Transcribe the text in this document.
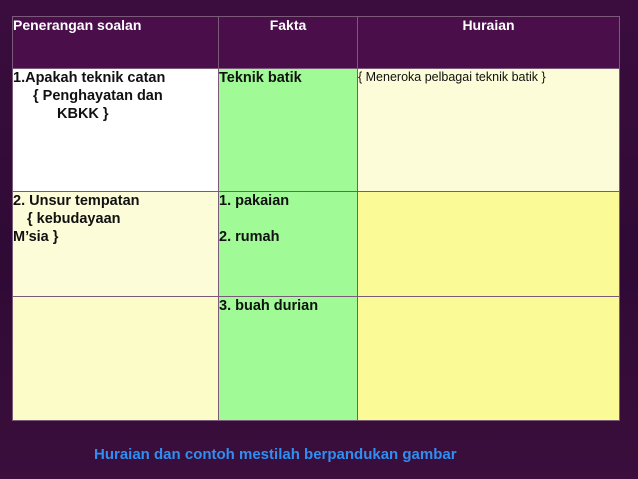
Penerangan soalan	Fakta	Huraian

1.Apakah teknik catan
{ Penghayatan dan
KBKK }	Teknik batik	{ Meneroka pelbagai teknik batik }

2. Unsur tempatan
{ kebudayaan
M’sia }	1. pakaian
2. rumah	

	3. buah durian	

Huraian dan contoh mestilah berpandukan gambar
